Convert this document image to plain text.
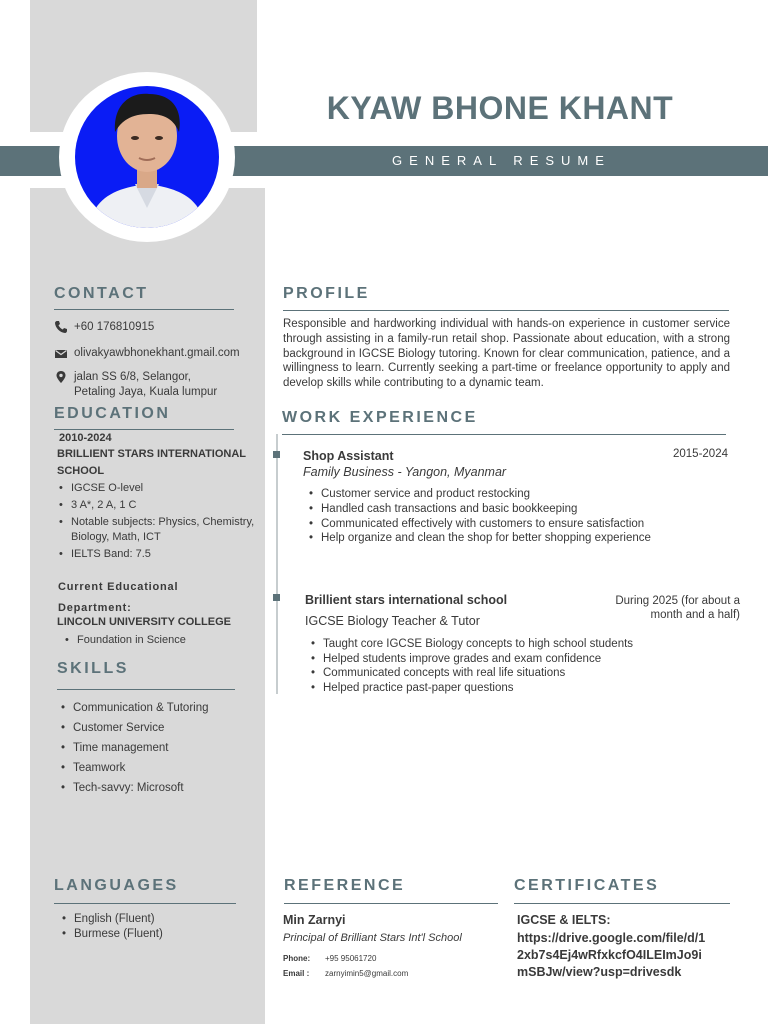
GENERAL RESUME
KYAW BHONE KHANT
CONTACT
+60 176810915
olivakyawbhonekhant.gmail.com
jalan SS 6/8, Selangor,
Petaling Jaya, Kuala lumpur
EDUCATION
2010-2024
BRILLIENT STARS INTERNATIONAL SCHOOL
• IGCSE O-level
• 3 A*, 2 A, 1 C
• Notable subjects: Physics, Chemistry, Biology, Math, ICT
• IELTS Band: 7.5
Current Educational
Department:
LINCOLN UNIVERSITY COLLEGE
• Foundation in Science
SKILLS
• Communication & Tutoring
• Customer Service
• Time management
• Teamwork
• Tech-savvy: Microsoft
LANGUAGES
• English (Fluent)
• Burmese (Fluent)
PROFILE
Responsible and hardworking individual with hands-on experience in customer service through assisting in a family-run retail shop. Passionate about education, with a strong background in IGCSE Biology tutoring. Known for clear communication, patience, and a willingness to learn. Currently seeking a part-time or freelance opportunity to apply and develop skills while contributing to a dynamic team.
WORK EXPERIENCE
Shop Assistant	2015-2024
Family Business - Yangon, Myanmar
• Customer service and product restocking
• Handled cash transactions and basic bookkeeping
• Communicated effectively with customers to ensure satisfaction
• Help organize and clean the shop for better shopping experience
Brillient stars international school	During 2025 (for about a
month and a half)
IGCSE Biology Teacher & Tutor
• Taught core IGCSE Biology concepts to high school students
• Helped students improve grades and exam confidence
• Communicated concepts with real life situations
• Helped practice past-paper questions
REFERENCE
Min Zarnyi
Principal of Brilliant Stars Int'l School
Phone: +95 95061720
Email : zarnyimin5@gmail.com
CERTIFICATES
IGCSE & IELTS:
https://drive.google.com/file/d/12xb7s4Ej4wRfxkcfO4ILEImJo9imSBJw/view?usp=drivesdk
